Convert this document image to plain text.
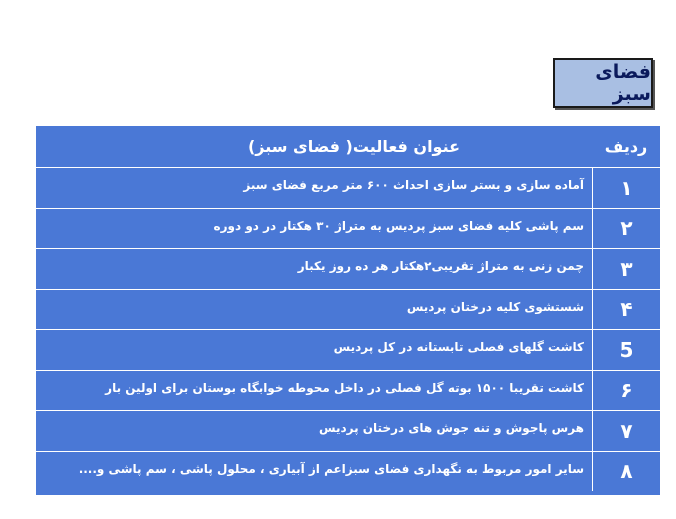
فضای سبز
ردیف
عنوان فعالیت( فضای سبز)
۱
آماده سازی و بستر سازی احداث ۶۰۰ متر مربع فضای سبز
۲
سم پاشی کلیه فضای سبز پردیس به متراژ ۳۰ هکتار در دو دوره
۳
چمن زنی به متراژ تقریبی۲هکتار هر ده روز یکبار
۴
شستشوی کلیه درختان پردیس
5
کاشت گلهای فصلی تابستانه در کل پردیس
۶
کاشت تقریبا ۱۵۰۰ بوته گل فصلی در داخل محوطه خوابگاه بوستان برای اولین بار
۷
هرس پاجوش و تنه جوش های درختان پردیس
۸
سایر امور مربوط به نگهداری فضای سبزاعم از آبیاری ، محلول پاشی ، سم پاشی و....
